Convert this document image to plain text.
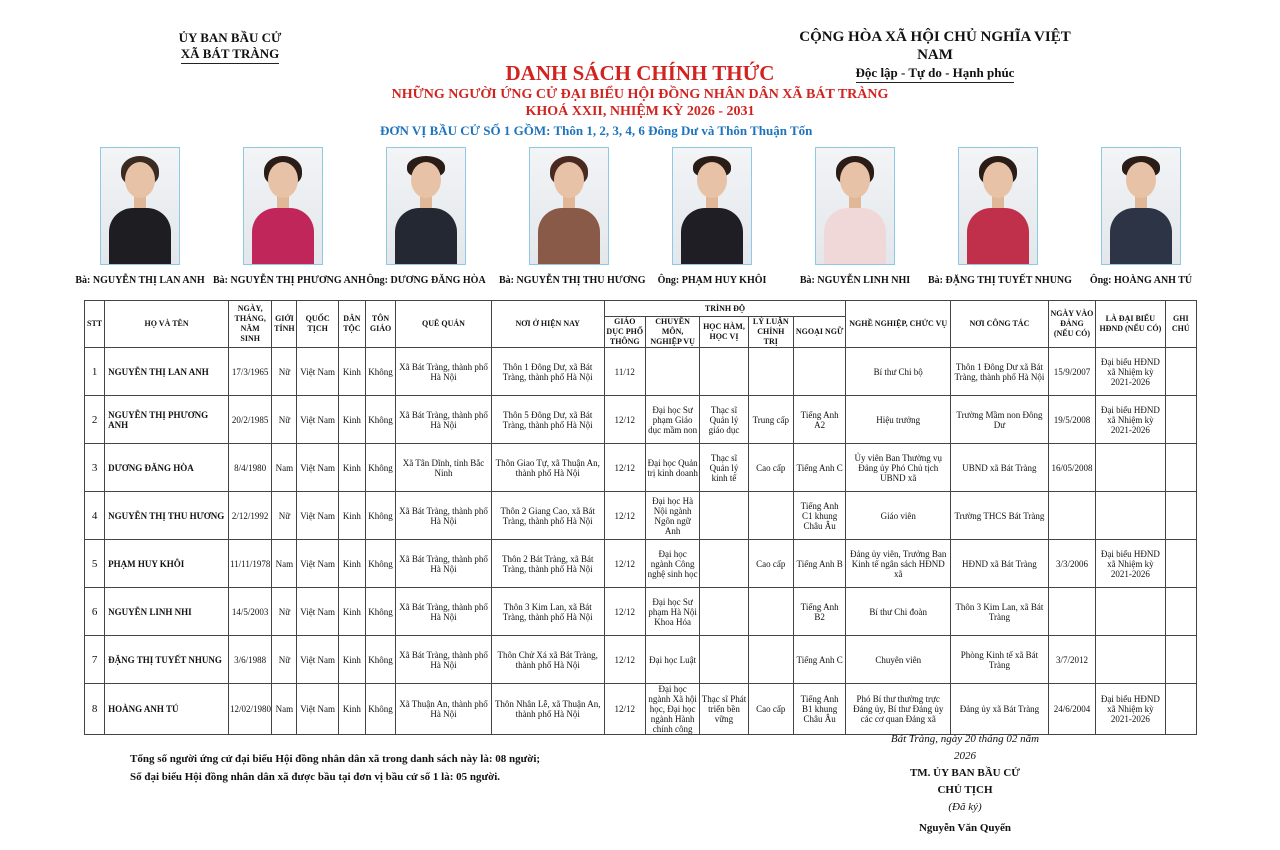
ỦY BAN BẦU CỬ
XÃ BÁT TRÀNG
CỘNG HÒA XÃ HỘI CHỦ NGHĨA VIỆT NAM
Độc lập - Tự do - Hạnh phúc
DANH SÁCH CHÍNH THỨC
NHỮNG NGƯỜI ỨNG CỬ ĐẠI BIỂU HỘI ĐỒNG NHÂN DÂN XÃ BÁT TRÀNG
KHOÁ XXII, NHIỆM KỲ 2026 - 2031
ĐƠN VỊ BẦU CỬ SỐ 1 GỒM: Thôn 1, 2, 3, 4, 6 Đông Dư và Thôn Thuận Tốn
Bà: NGUYỄN THỊ LAN ANH Bà: NGUYỄN THỊ PHƯƠNG ANH Ông: DƯƠNG ĐĂNG HÒA	Bà: NGUYỄN THỊ THU HƯƠNG	Ông: PHẠM HUY KHÔI	Bà: NGUYỄN LINH NHI	Bà: ĐẶNG THỊ TUYẾT NHUNG	Ông: HOÀNG ANH TÚ
STT	HỌ VÀ TÊN	NGÀY, THÁNG, NĂM SINH	GIỚI TÍNH	QUỐC TỊCH	DÂN TỘC	TÔN GIÁO	QUÊ QUÁN	NƠI Ở HIỆN NAY	TRÌNH ĐỘ					NGHỀ NGHIỆP, CHỨC VỤ	NƠI CÔNG TÁC	NGÀY VÀO ĐẢNG (NẾU CÓ)	LÀ ĐẠI BIỂU HĐND (NẾU CÓ)	GHI CHÚ
									GIÁO DỤC PHỔ THÔNG	CHUYÊN MÔN, NGHIỆP VỤ	HỌC HÀM, HỌC VỊ	LÝ LUẬN CHÍNH TRỊ	NGOẠI NGỮ					
1	NGUYỄN THỊ LAN ANH	17/3/1965	Nữ	Việt Nam	Kinh	Không	Xã Bát Tràng, thành phố Hà Nội	Thôn 1 Đông Dư, xã Bát Tràng, thành phố Hà Nội	11/12					Bí thư Chi bộ	Thôn 1 Đông Dư xã Bát Tràng, thành phố Hà Nội	15/9/2007	Đại biểu HĐND xã Nhiệm kỳ 2021-2026	
2	NGUYỄN THỊ PHƯƠNG ANH	20/2/1985	Nữ	Việt Nam	Kinh	Không	Xã Bát Tràng, thành phố Hà Nội	Thôn 5 Đông Dư, xã Bát Tràng, thành phố Hà Nội	12/12	Đại học Sư phạm Giáo dục mầm non	Thạc sĩ Quản lý giáo dục	Trung cấp	Tiếng Anh A2	Hiệu trưởng	Trường Mầm non Đông Dư	19/5/2008	Đại biểu HĐND xã Nhiệm kỳ 2021-2026	
3	DƯƠNG ĐĂNG HÒA	8/4/1980	Nam	Việt Nam	Kinh	Không	Xã Tân Dĩnh, tỉnh Bắc Ninh	Thôn Giao Tự, xã Thuận An, thành phố Hà Nội	12/12	Đại học Quản trị kinh doanh	Thạc sĩ Quản lý kinh tế	Cao cấp	Tiếng Anh C	Ủy viên Ban Thường vụ Đảng ủy Phó Chủ tịch UBND xã	UBND xã Bát Tràng	16/05/2008		
4	NGUYỄN THỊ THU HƯƠNG	2/12/1992	Nữ	Việt Nam	Kinh	Không	Xã Bát Tràng, thành phố Hà Nội	Thôn 2 Giang Cao, xã Bát Tràng, thành phố Hà Nội	12/12	Đại học Hà Nội ngành Ngôn ngữ Anh			Tiếng Anh C1 khung Châu Âu	Giáo viên	Trường THCS Bát Tràng			
5	PHẠM HUY KHÔI	11/11/1978	Nam	Việt Nam	Kinh	Không	Xã Bát Tràng, thành phố Hà Nội	Thôn 2 Bát Tràng, xã Bát Tràng, thành phố Hà Nội	12/12	Đại học ngành Công nghệ sinh học		Cao cấp	Tiếng Anh B	Đảng ủy viên, Trưởng Ban Kinh tế ngân sách HĐND xã	HĐND xã Bát Tràng	3/3/2006	Đại biểu HĐND xã Nhiệm kỳ 2021-2026	
6	NGUYỄN LINH NHI	14/5/2003	Nữ	Việt Nam	Kinh	Không	Xã Bát Tràng, thành phố Hà Nội	Thôn 3 Kim Lan, xã Bát Tràng, thành phố Hà Nội	12/12	Đại học Sư phạm Hà Nội Khoa Hóa			Tiếng Anh B2	Bí thư Chi đoàn	Thôn 3 Kim Lan, xã Bát Tràng			
7	ĐẶNG THỊ TUYẾT NHUNG	3/6/1988	Nữ	Việt Nam	Kinh	Không	Xã Bát Tràng, thành phố Hà Nội	Thôn Chử Xá xã Bát Tràng, thành phố Hà Nội	12/12	Đại học Luật			Tiếng Anh C	Chuyên viên	Phòng Kinh tế xã Bát Tràng	3/7/2012		
8	HOÀNG ANH TÚ	12/02/1980	Nam	Việt Nam	Kinh	Không	Xã Thuận An, thành phố Hà Nội	Thôn Nhân Lễ, xã Thuận An, thành phố Hà Nội	12/12	Đại học ngành Xã hội học, Đại học ngành Hành chính công	Thạc sĩ Phát triển bền vững	Cao cấp	Tiếng Anh B1 khung Châu Âu	Phó Bí thư thường trực Đảng ủy, Bí thư Đảng ủy các cơ quan Đảng xã	Đảng ủy xã Bát Tràng	24/6/2004	Đại biểu HĐND xã Nhiệm kỳ 2021-2026	
Tổng số người ứng cử đại biểu Hội đồng nhân dân xã trong danh sách này là: 08 người;
Số đại biểu Hội đồng nhân dân xã được bầu tại đơn vị bầu cử số 1 là: 05 người.
Bát Tràng, ngày 20 tháng 02 năm 2026
TM. ỦY BAN BẦU CỬ
CHỦ TỊCH
(Đã ký)
Nguyễn Văn Quyến
